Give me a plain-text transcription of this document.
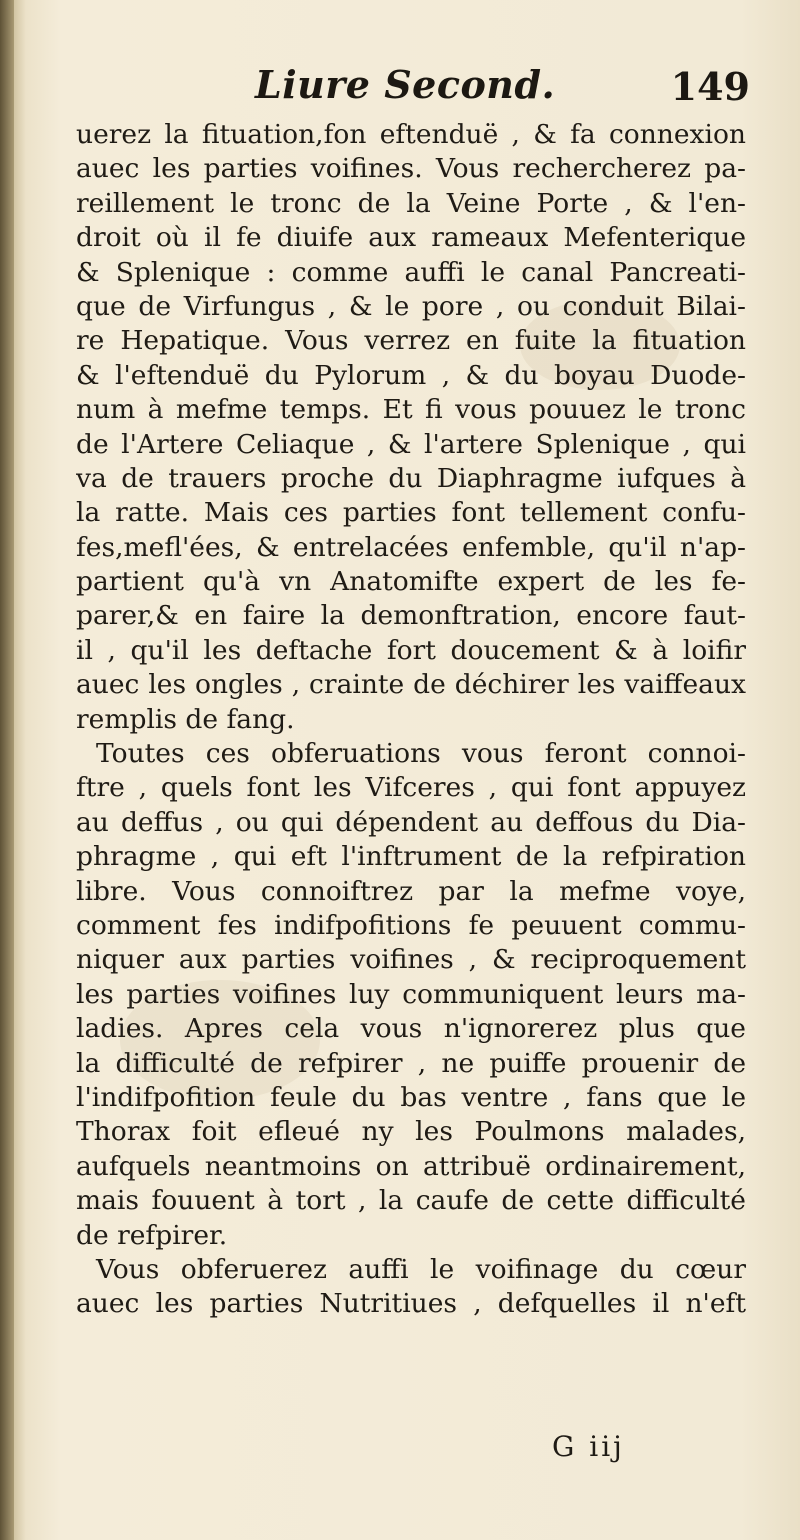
Liure Second.	149
uerez la fituation,fon eftenduë , & fa connexion
auec les parties voifines. Vous rechercherez pa-
reillement le tronc de la Veine Porte , & l'en-
droit où il fe diuife aux rameaux Mefenterique
& Splenique : comme auffi le canal Pancreati-
que de Virfungus , & le pore , ou conduit Bilai-
re Hepatique. Vous verrez en fuite la fituation
& l'eftenduë du Pylorum , & du boyau Duode-
num à mefme temps. Et fi vous pouuez le tronc
de l'Artere Celiaque , & l'artere Splenique , qui
va de trauers proche du Diaphragme iufques à
la ratte. Mais ces parties font tellement confu-
fes,mefl'ées, & entrelacées enfemble, qu'il n'ap-
partient qu'à vn Anatomifte expert de les fe-
parer,& en faire la demonftration, encore faut-
il , qu'il les deftache fort doucement & à loifir
auec les ongles , crainte de déchirer les vaiffeaux
remplis de fang.
Toutes ces obferuations vous feront connoi-
ftre , quels font les Vifceres , qui font appuyez
au deffus , ou qui dépendent au deffous du Dia-
phragme , qui eft l'inftrument de la refpiration
libre. Vous connoiftrez par la mefme voye,
comment fes indifpofitions fe peuuent commu-
niquer aux parties voifines , & reciproquement
les parties voifines luy communiquent leurs ma-
ladies. Apres cela vous n'ignorerez plus que
la difficulté de refpirer , ne puiffe prouenir de
l'indifpofition feule du bas ventre , fans que le
Thorax foit efleué ny les Poulmons malades,
aufquels neantmoins on attribuë ordinairement,
mais fouuent à tort , la caufe de cette difficulté
de refpirer.
Vous obferuerez auffi le voifinage du cœur
auec les parties Nutritiues , defquelles il n'eft
G iij
